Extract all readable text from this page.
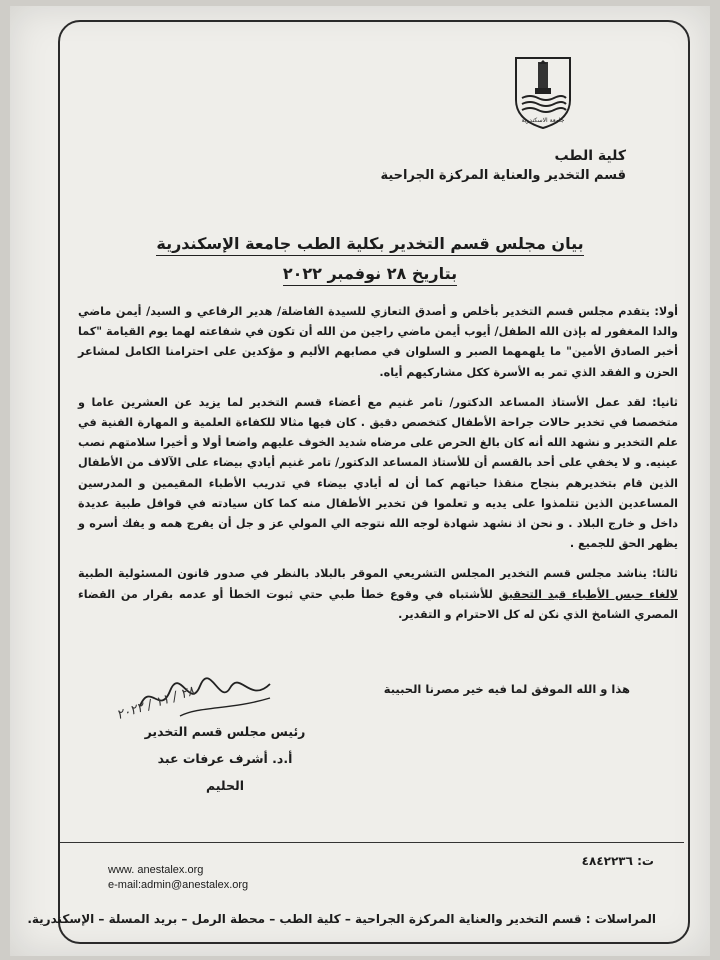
جامعة الاسكندرية
كلية الطب
قسم التخدير والعناية المركزة الجراحية
بيان مجلس قسم التخدير بكلية الطب جامعة الإسكندرية
بتاريخ ٢٨ نوفمبر ٢٠٢٢

أولا: يتقدم مجلس قسم التخدير بأخلص و أصدق التعازي للسيدة الفاضلة/ هدير الرفاعي و السيد/ أيمن ماضي والدا المغفور له بإذن الله الطفل/ أيوب أيمن ماضي راجين من الله أن تكون في شفاعته لهما يوم القيامة "كما أخبر الصادق الأمين" ما يلهمهما الصبر و السلوان في مصابهم الأليم و مؤكدين على احترامنا الكامل لمشاعر الحزن و الفقد الذي تمر به الأسرة ككل مشاركيهم أياه.

ثانيا: لقد عمل الأستاذ المساعد الدكتور/ تامر غنيم مع أعضاء قسم التخدير لما يزيد عن العشرين عاما و متخصصا في تخدير حالات جراحة الأطفال كتخصص دقيق . كان فيها مثالا للكفاءة العلمية و المهارة الفنية في علم التخدير و نشهد الله أنه كان بالغ الحرص على مرضاه شديد الخوف عليهم واضعا أولا و أخيرا سلامتهم نصب عينيه. و لا يخفي على أحد بالقسم أن للأستاذ المساعد الدكتور/ تامر غنيم أيادي بيضاء على الآلاف من الأطفال الذين قام بتخديرهم بنجاح منقذا حياتهم كما أن له أيادي بيضاء في تدريب الأطباء المقيمين و المدرسين المساعدين الذين تتلمذوا على يديه و تعلموا فن تخدير الأطفال منه كما كان سيادته في قوافل طبية عديدة داخل و خارج البلاد . و نحن اذ نشهد شهادة لوجه الله نتوجه الي المولي عز و جل أن يفرج همه و يفك أسره و يظهر الحق للجميع .

ثالثا: يناشد مجلس قسم التخدير المجلس التشريعي الموقر بالبلاد بالنظر في صدور قانون المسئولية الطبية لالغاء حبس الأطباء قيد التحقيق للأشتباه في وقوع خطأ طبي حتي ثبوت الخطأ أو عدمه بقرار من القضاء المصري الشامخ الذي نكن له كل الاحترام و التقدير.

هذا و الله الموفق لما فيه خير مصرنا الحبيبة
٢٨ / ١١ / ٢٠٢٢
رئيس مجلس قسم التخدير
أ.د. أشرف عرفات عبد الحليم
www. anestalex.org
e-mail:admin@anestalex.org
ت: ٤٨٤٢٢٣٦
المراسلات : قسم التخدير والعناية المركزة الجراحية – كلية الطب – محطة الرمل – بريد المسلة – الإسكندرية.
